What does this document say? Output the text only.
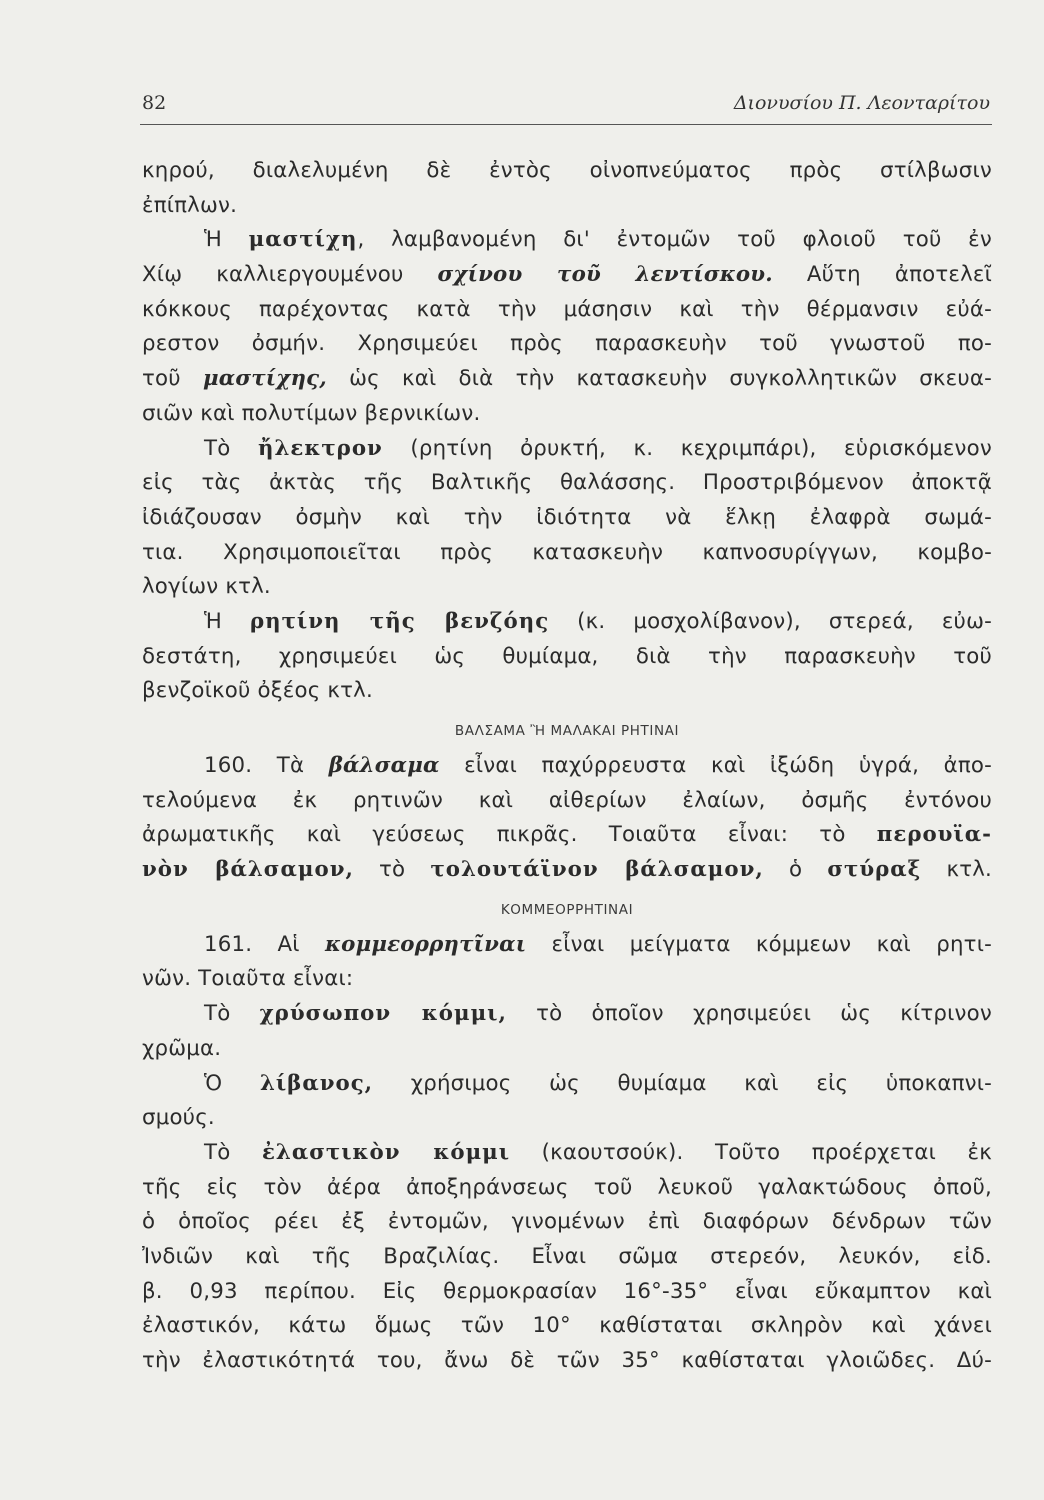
82	Διονυσίου Π. Λεονταρίτου
κηρού, διαλελυμένη δὲ ἐντὸς οἰνοπνεύματος πρὸς στίλβωσιν
ἐπίπλων.
Ἡ μαστίχη, λαμβανομένη δι' ἐντομῶν τοῦ φλοιοῦ τοῦ ἐν
Χίῳ καλλιεργουμένου σχίνου τοῦ λεντίσκου. Αὕτη ἀποτελεῖ
κόκκους παρέχοντας κατὰ τὴν μάσησιν καὶ τὴν θέρμανσιν εὐά-
ρεστον ὀσμήν. Χρησιμεύει πρὸς παρασκευὴν τοῦ γνωστοῦ πο-
τοῦ μαστίχης, ὡς καὶ διὰ τὴν κατασκευὴν συγκολλητικῶν σκευα-
σιῶν καὶ πολυτίμων βερνικίων.
Τὸ ἤλεκτρον (ρητίνη ὀρυκτή, κ. κεχριμπάρι), εὑρισκόμενον
εἰς τὰς ἀκτὰς τῆς Βαλτικῆς θαλάσσης. Προστριβόμενον ἀποκτᾷ
ἰδιάζουσαν ὀσμὴν καὶ τὴν ἰδιότητα νὰ ἕλκῃ ἐλαφρὰ σωμά-
τια. Χρησιμοποιεῖται πρὸς κατασκευὴν καπνοσυρίγγων, κομβο-
λογίων κτλ.
Ἡ ρητίνη τῆς βενζόης (κ. μοσχολίβανον), στερεά, εὐω-
δεστάτη, χρησιμεύει ὡς θυμίαμα, διὰ τὴν παρασκευὴν τοῦ
βενζοϊκοῦ ὀξέος κτλ.
ΒΑΛΣΑΜΑ Ἢ ΜΑΛΑΚΑΙ ΡΗΤΙΝΑΙ
160. Τὰ βάλσαμα εἶναι παχύρρευστα καὶ ἰξώδη ὑγρά, ἀπο-
τελούμενα ἐκ ρητινῶν καὶ αἰθερίων ἐλαίων, ὀσμῆς ἐντόνου
ἀρωματικῆς καὶ γεύσεως πικρᾶς. Τοιαῦτα εἶναι: τὸ περουϊα-
νὸν βάλσαμον, τὸ τολουτάϊνον βάλσαμον, ὁ στύραξ κτλ.
ΚΟΜΜΕΟΡΡΗΤΙΝΑΙ
161. Αἱ κομμεορρητῖναι εἶναι μείγματα κόμμεων καὶ ρητι-
νῶν. Τοιαῦτα εἶναι:
Τὸ χρύσωπον κόμμι, τὸ ὁποῖον χρησιμεύει ὡς κίτρινον
χρῶμα.
Ὁ λίβανος, χρήσιμος ὡς θυμίαμα καὶ εἰς ὑποκαπνι-
σμούς.
Τὸ ἐλαστικὸν κόμμι (καουτσούκ). Τοῦτο προέρχεται ἐκ
τῆς εἰς τὸν ἀέρα ἀποξηράνσεως τοῦ λευκοῦ γαλακτώδους ὀποῦ,
ὁ ὁποῖος ρέει ἐξ ἐντομῶν, γινομένων ἐπὶ διαφόρων δένδρων τῶν
Ἰνδιῶν καὶ τῆς Βραζιλίας. Εἶναι σῶμα στερεόν, λευκόν, εἰδ.
β. 0,93 περίπου. Εἰς θερμοκρασίαν 16°-35° εἶναι εὔκαμπτον καὶ
ἐλαστικόν, κάτω ὅμως τῶν 10° καθίσταται σκληρὸν καὶ χάνει
τὴν ἐλαστικότητά του, ἄνω δὲ τῶν 35° καθίσταται γλοιῶδες. Δύ-
